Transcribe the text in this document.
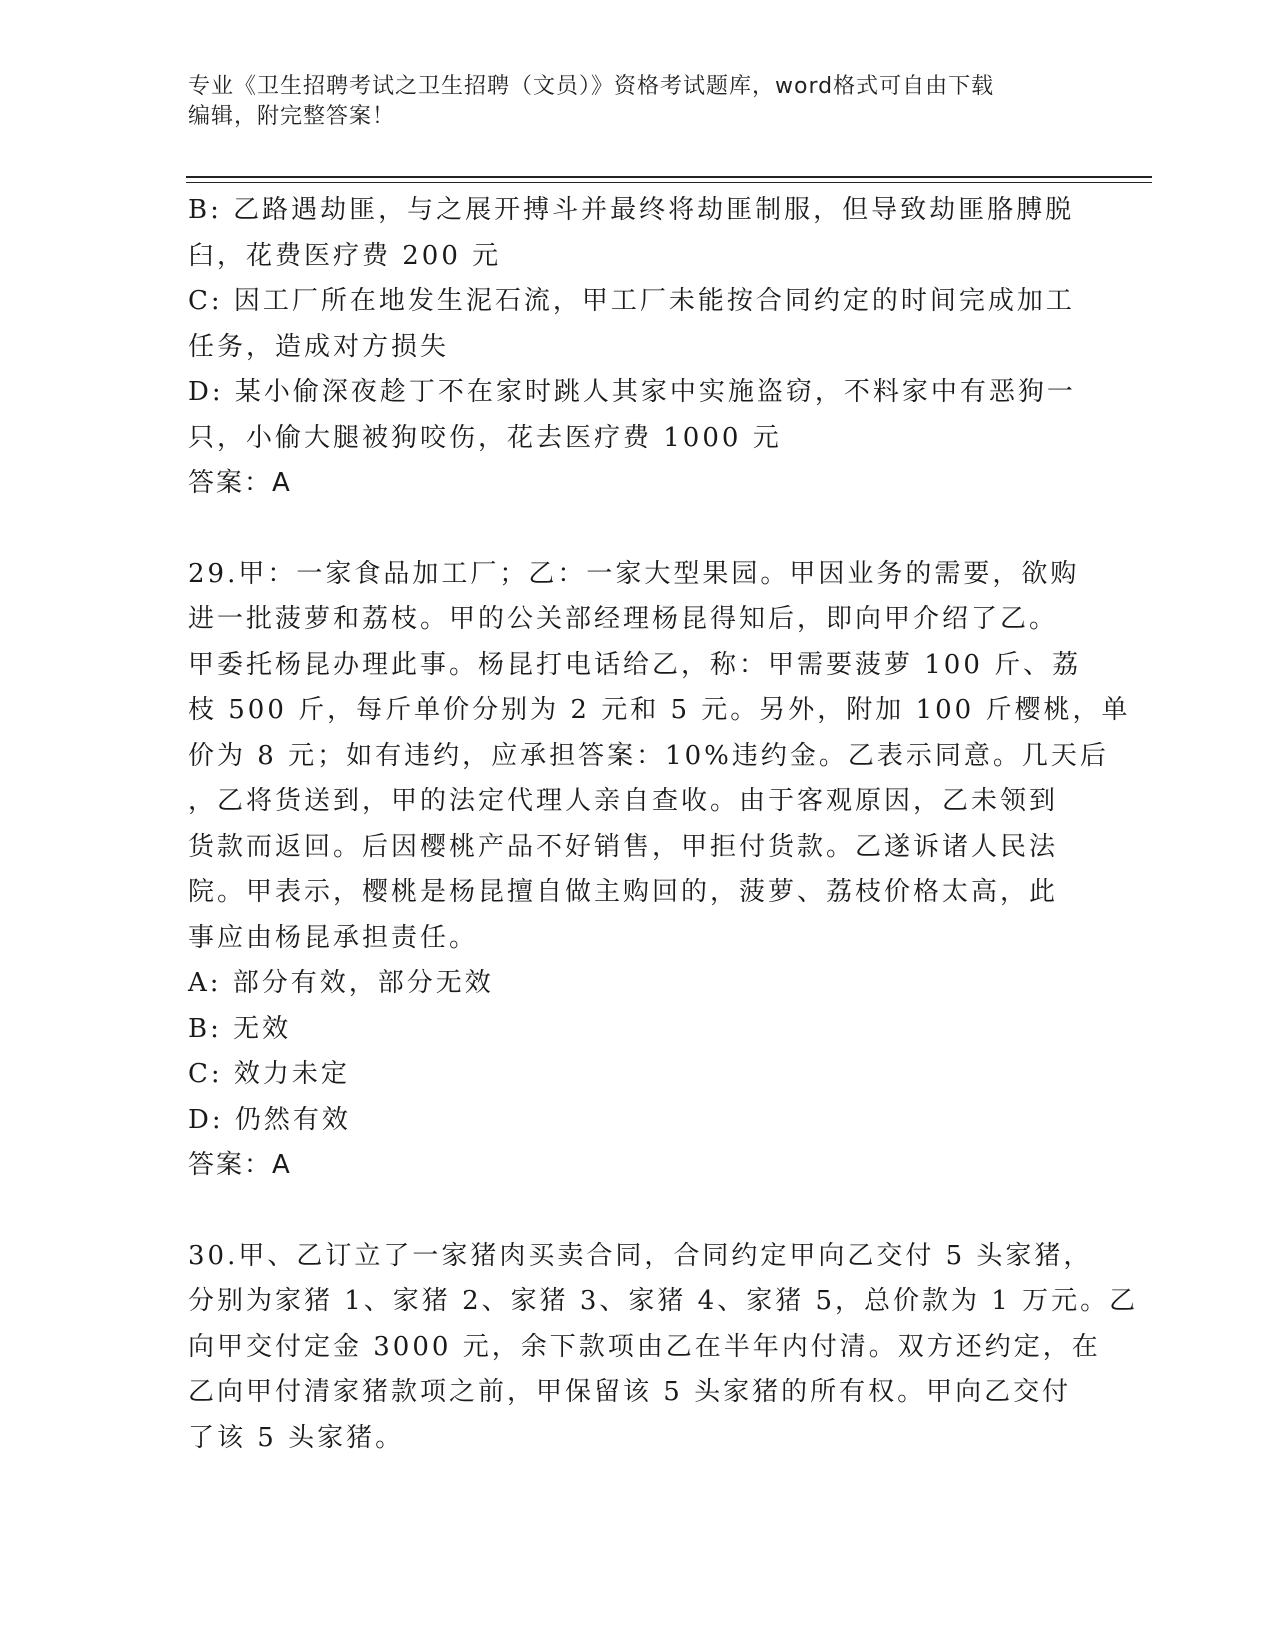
专业《卫生招聘考试之卫生招聘（文员）》资格考试题库，word格式可自由下载
编辑，附完整答案！
B: 乙路遇劫匪，与之展开搏斗并最终将劫匪制服，但导致劫匪胳膊脱
臼，花费医疗费 200 元
C: 因工厂所在地发生泥石流，甲工厂未能按合同约定的时间完成加工
任务，造成对方损失
D: 某小偷深夜趁丁不在家时跳人其家中实施盗窃，不料家中有恶狗一
只，小偷大腿被狗咬伤，花去医疗费 1000 元
答案：A
29.甲：一家食品加工厂；乙：一家大型果园。甲因业务的需要，欲购
进一批菠萝和荔枝。甲的公关部经理杨昆得知后，即向甲介绍了乙。
甲委托杨昆办理此事。杨昆打电话给乙，称：甲需要菠萝 100 斤、荔
枝 500 斤，每斤单价分别为 2 元和 5 元。另外，附加 100 斤樱桃，单
价为 8 元；如有违约，应承担答案：10%违约金。乙表示同意。几天后
，乙将货送到，甲的法定代理人亲自查收。由于客观原因，乙未领到
货款而返回。后因樱桃产品不好销售，甲拒付货款。乙遂诉诸人民法
院。甲表示，樱桃是杨昆擅自做主购回的，菠萝、荔枝价格太高，此
事应由杨昆承担责任。
A: 部分有效，部分无效
B: 无效
C: 效力未定
D: 仍然有效
答案：A
30.甲、乙订立了一家猪肉买卖合同，合同约定甲向乙交付 5 头家猪，
分别为家猪 1、家猪 2、家猪 3、家猪 4、家猪 5，总价款为 1 万元。乙
向甲交付定金 3000 元，余下款项由乙在半年内付清。双方还约定，在
乙向甲付清家猪款项之前，甲保留该 5 头家猪的所有权。甲向乙交付
了该 5 头家猪。
